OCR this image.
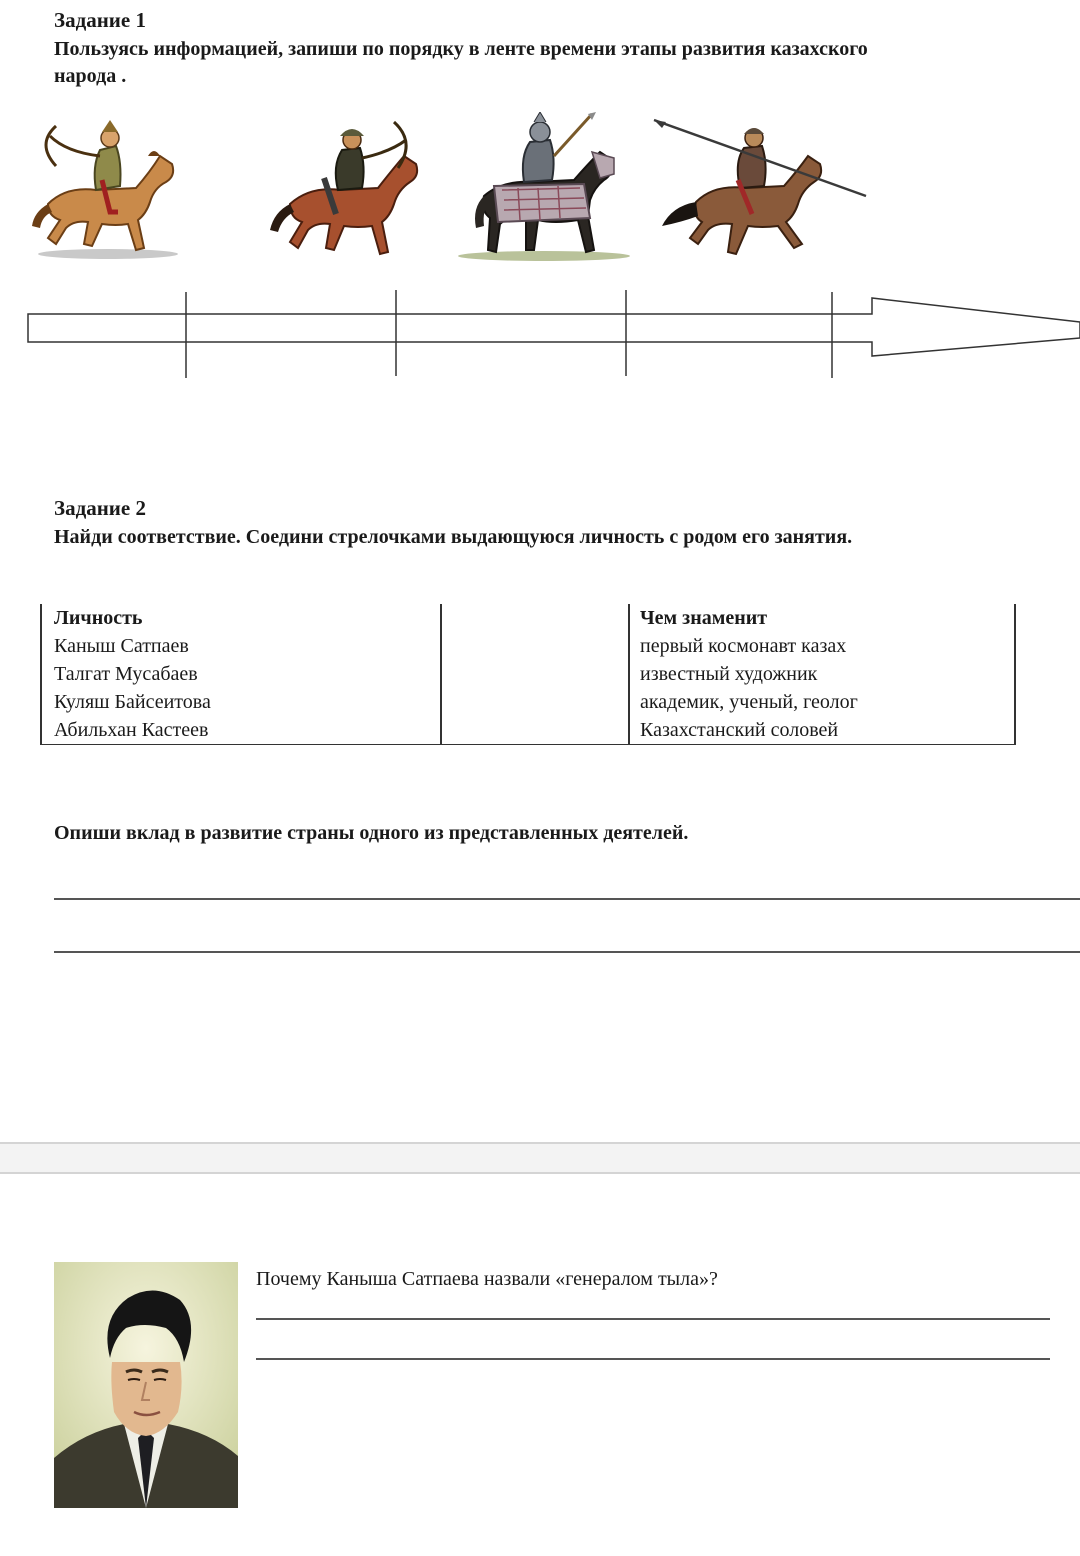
Задание 1
Пользуясь информацией, запиши по порядку в ленте времени этапы развития казахского
народа .
Задание 2
Найди соответствие. Соедини стрелочками выдающуюся личность с родом его занятия.
Личность
Каныш Сатпаев
Талгат Мусабаев
Куляш Байсеитова
Абильхан Кастеев
Чем знаменит
первый космонавт казах
известный художник
академик, ученый, геолог
Казахстанский соловей
Опиши вклад в развитие страны одного из представленных деятелей.
Почему Каныша Сатпаева назвали «генералом тыла»?
